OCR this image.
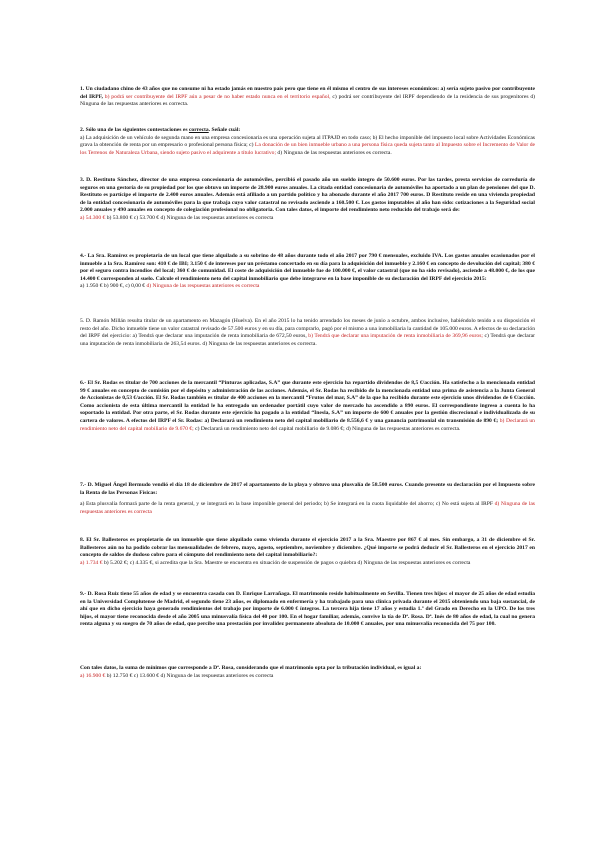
1. Un ciudadano chino de 43 años que no consume ni ha estado jamás en nuestro país pero que tiene en él mismo el centro de sus intereses económicos: a) sería sujeto pasivo por contribuyente del IRPF, b) podrá ser contribuyente del IRPF aún a pesar de no haber estado nunca en el territorio español, c) podrá ser contribuyente del IRPF dependiendo de la residencia de sus progenitores d) Ninguna de las respuestas anteriores es correcta.
2. Sólo una de las siguientes contestaciones es correcta. Señale cuál:
a) La adquisición de un vehículo de segunda mano en una empresa concesionaria es una operación sujeta al ITPAJD en todo caso; b) El hecho imponible del impuesto local sobre Actividades Económicas grava la obtención de renta por un empresario o profesional persona física; c) La donación de un bien inmueble urbano a una persona física queda sujeta tanto al Impuesto sobre el Incremento de Valor de los Terrenos de Naturaleza Urbana, siendo sujeto pasivo el adquirente a título lucrativo; d) Ninguna de las respuestas anteriores es correcta.
3. D. Restituto Sánchez, director de una empresa concesionaria de automóviles, percibió el pasado año un sueldo íntegro de 50.600 euros. Por las tardes, presta servicios de correduría de seguros en una gestoría de su propiedad por los que obtuvo un importe de 28.900 euros anuales. La citada entidad concesionaria de automóviles ha aportado a un plan de pensiones del que D. Restituto es partícipe el importe de 2.400 euros anuales. Además está afiliado a un partido político y ha abonado durante el año 2017 700 euros. D Restituto reside en una vivienda propiedad de la entidad concesionaria de automóviles para la que trabaja cuyo valor catastral no revisado asciende a 160.500 €. Los gastos imputables al año han sido: cotizaciones a la Seguridad social 2.000 anuales y 490 anuales en concepto de colegiación profesional no obligatoria. Con tales datos, el importe del rendimiento neto reducido del trabajo será de:
a) 54.300 € b) 53.800 € c) 53.700 € d) Ninguna de las respuestas anteriores es correcta
4.- La Sra. Ramírez es propietaria de un local que tiene alquilado a su sobrino de 48 años durante todo el año 2017 por 790 € mensuales, excluido IVA. Los gastos anuales ocasionados por el inmueble a la Sra. Ramírez son: 410 € de IBI; 3.150 € de intereses por un préstamo concertado en su día para la adquisición del inmueble y 2.160 € en concepto de devolución del capital; 380 € por el seguro contra incendios del local; 360 € de comunidad. El coste de adquisición del inmueble fue de 100.000 €, el valor catastral (que no ha sido revisado), asciende a 48.000 €, de los que 14.400 € corresponden al suelo. Calcule el rendimiento neto del capital inmobiliario que debe integrarse en la base imponible de su declaración del IRPF del ejercicio 2015:
a) 1.950 € b) 900 €, c) 0,00 € d) Ninguna de las respuestas anteriores es correcta
5. D. Ramón Millán resulta titular de un apartamento en Mazagón (Huelva). En el año 2015 lo ha tenido arrendado los meses de junio a octubre, ambos inclusive, habiéndolo tenido a su disposición el resto del año. Dicho inmueble tiene un valor catastral revisado de 57.500 euros y en su día, para comprarlo, pagó por el mismo a una inmobiliaria la cantidad de 105.000 euros. A efectos de su declaración del IRPF del ejercicio: a) Tendrá que declarar una imputación de renta inmobiliaria de 672,50 euros, b) Tendrá que declarar una imputación de renta inmobiliaria de 369,96 euros; c) Tendrá que declarar una imputación de renta inmobiliaria de 263,54 euros. d) Ninguna de las respuestas anteriores es correcta.
6.- El Sr. Rodas es titular de 700 acciones de la mercantil “Pinturas aplicadas, S.A” que durante este ejercicio ha repartido dividendos de 8,5 €/acción. Ha satisfecho a la mencionada entidad 99 € anuales en concepto de comisión por el depósito y administración de las acciones. Además, el Sr. Rodas ha recibido de la mencionada entidad una prima de asistencia a la Junta General de Accionistas de 0,53 €/acción. El Sr. Rodas también es titular de 400 acciones en la mercantil “Frutos del mar, S.A” de la que ha recibido durante este ejercicio unos dividendos de 6 €/acción. Como accionista de esta última mercantil la entidad le ha entregado un ordenador portátil cuyo valor de mercado ha ascendido a 890 euros. El correspondiente ingreso a cuenta lo ha soportado la entidad. Por otra parte, el Sr. Rodas durante este ejercicio ha pagado a la entidad “Inesla, S.A” un importe de 600 € anuales por la gestión discrecional e individualizada de su cartera de valores. A efectos del IRPF el Sr. Rodas: a) Declarará un rendimiento neto del capital mobiliario de 8.556,6 € y una ganancia patrimonial sin transmisión de 890 €; b) Declarará un rendimiento neto del capital mobiliario de 9.670 €; c) Declarará un rendimiento neto del capital mobiliario de 9.086 €; d) Ninguna de las respuestas anteriores es correcta.
7.- D. Miguel Ángel Bermudo vendió el día 18 de diciembre de 2017 el apartamento de la playa y obtuvo una plusvalía de 58.500 euros. Cuando presente su declaración por el Impuesto sobre la Renta de las Personas Físicas:
a) Esta plusvalía formará parte de la renta general, y se integrará en la base imponible general del periodo; b) Se integrará en la cuota liquidable del ahorro; c) No está sujeta al IRPF d) Ninguna de las respuestas anteriores es correcta
8. El Sr. Ballesteros es propietario de un inmueble que tiene alquilado como vivienda durante el ejercicio 2017 a la Sra. Maestre por 867 € al mes. Sin embargo, a 31 de diciembre el Sr. Ballesteros aún no ha podido cobrar las mensualidades de febrero, mayo, agosto, septiembre, noviembre y diciembre. ¿Qué importe se podrá deducir el Sr. Ballesteros en el ejercicio 2017 en concepto de saldos de dudoso cobro para el cómputo del rendimiento neto del capital inmobiliario?:
a) 1.734 € b) 5.202 €; c) 4.335 €, si acredita que la Sra. Maestre se encuentra en situación de suspensión de pagos o quiebra d) Ninguna de las respuestas anteriores es correcta
9.- D. Rosa Ruiz tiene 55 años de edad y se encuentra casada con D. Enrique Larrañaga. El matrimonio reside habitualmente en Sevilla. Tienen tres hijos: el mayor de 25 años de edad estudia en la Universidad Complutense de Madrid, el segundo tiene 23 años, es diplomado en enfermería y ha trabajado para una clínica privada durante el 2015 obteniendo una baja sustancial, de ahí que en dicho ejercicio haya generado rendimientos del trabajo por importe de 6.000 € íntegros. La tercera hija tiene 17 años y estudia 1.º del Grado en Derecho en la UPO. De los tres hijos, el mayor tiene reconocida desde el año 2005 una minusvalía física del 40 por 100. En el hogar familiar, además, convive la tía de Dª. Rosa. Dª. Inés de 80 años de edad, la cual no genera renta alguna y su suegro de 70 años de edad, que percibe una prestación por invalidez permanente absoluta de 10.000 € anuales, por una minusvalía reconocida del 75 por 100.
Con tales datos, la suma de mínimos que corresponde a Dª. Rosa, considerando que el matrimonio opta por la tributación individual, es igual a:
a) 16.900 € b) 12.750 € c) 13.600 € d) Ninguna de las respuestas anteriores es correcta
